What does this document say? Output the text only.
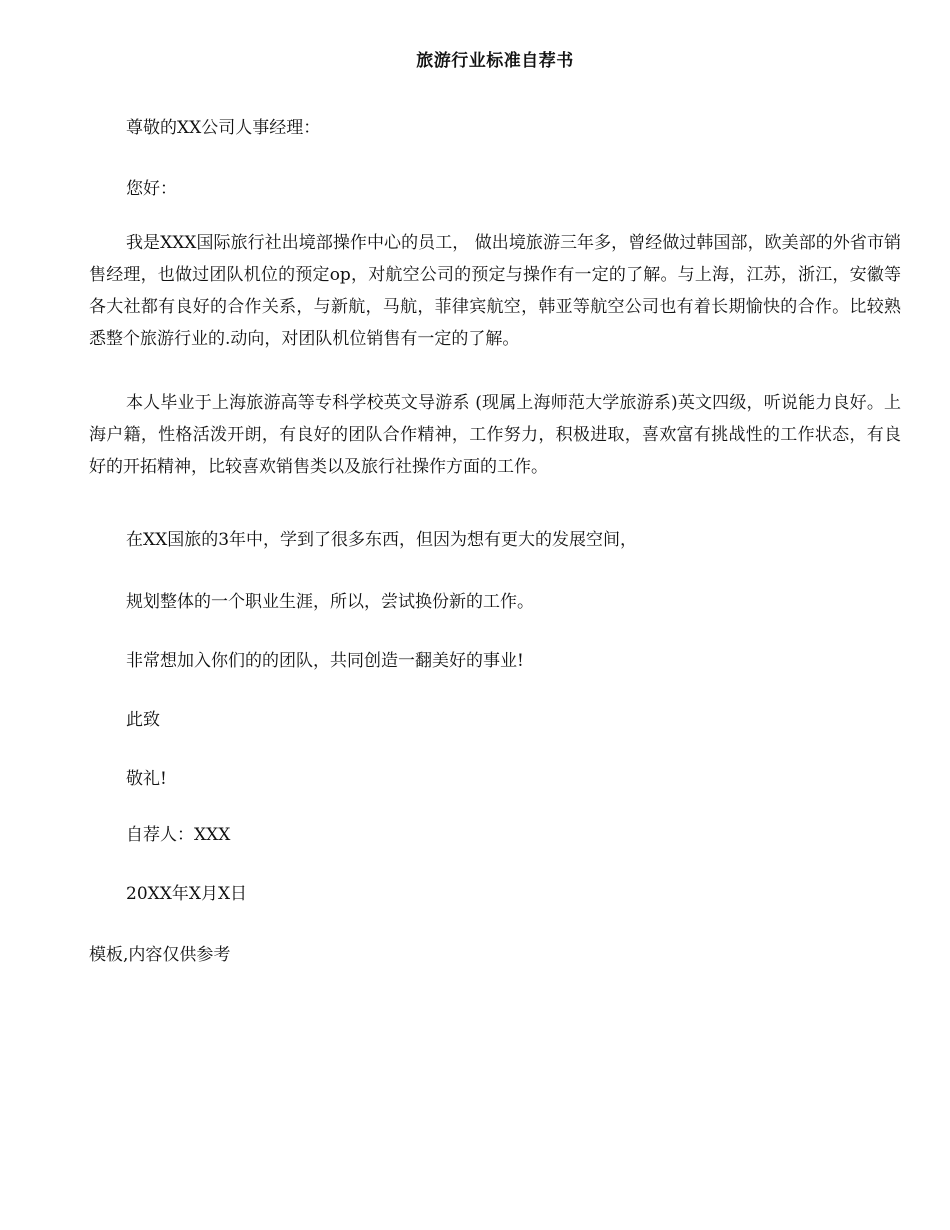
旅游行业标准自荐书
尊敬的XX公司人事经理：
您好：
我是XXX国际旅行社出境部操作中心的员工， 做出境旅游三年多，曾经做过韩国部，欧美部的外省市销售经理，也做过团队机位的预定op，对航空公司的预定与操作有一定的了解。与上海，江苏，浙江，安徽等各大社都有良好的合作关系，与新航，马航，菲律宾航空，韩亚等航空公司也有着长期愉快的合作。比较熟悉整个旅游行业的.动向，对团队机位销售有一定的了解。
本人毕业于上海旅游高等专科学校英文导游系 (现属上海师范大学旅游系)英文四级，听说能力良好。上海户籍，性格活泼开朗，有良好的团队合作精神，工作努力，积极进取，喜欢富有挑战性的工作状态，有良好的开拓精神，比较喜欢销售类以及旅行社操作方面的工作。
在XX国旅的3年中，学到了很多东西，但因为想有更大的发展空间，
规划整体的一个职业生涯，所以，尝试换份新的工作。
非常想加入你们的的团队，共同创造一翻美好的事业!
此致
敬礼!
自荐人：XXX
20XX年X月X日
模板,内容仅供参考
